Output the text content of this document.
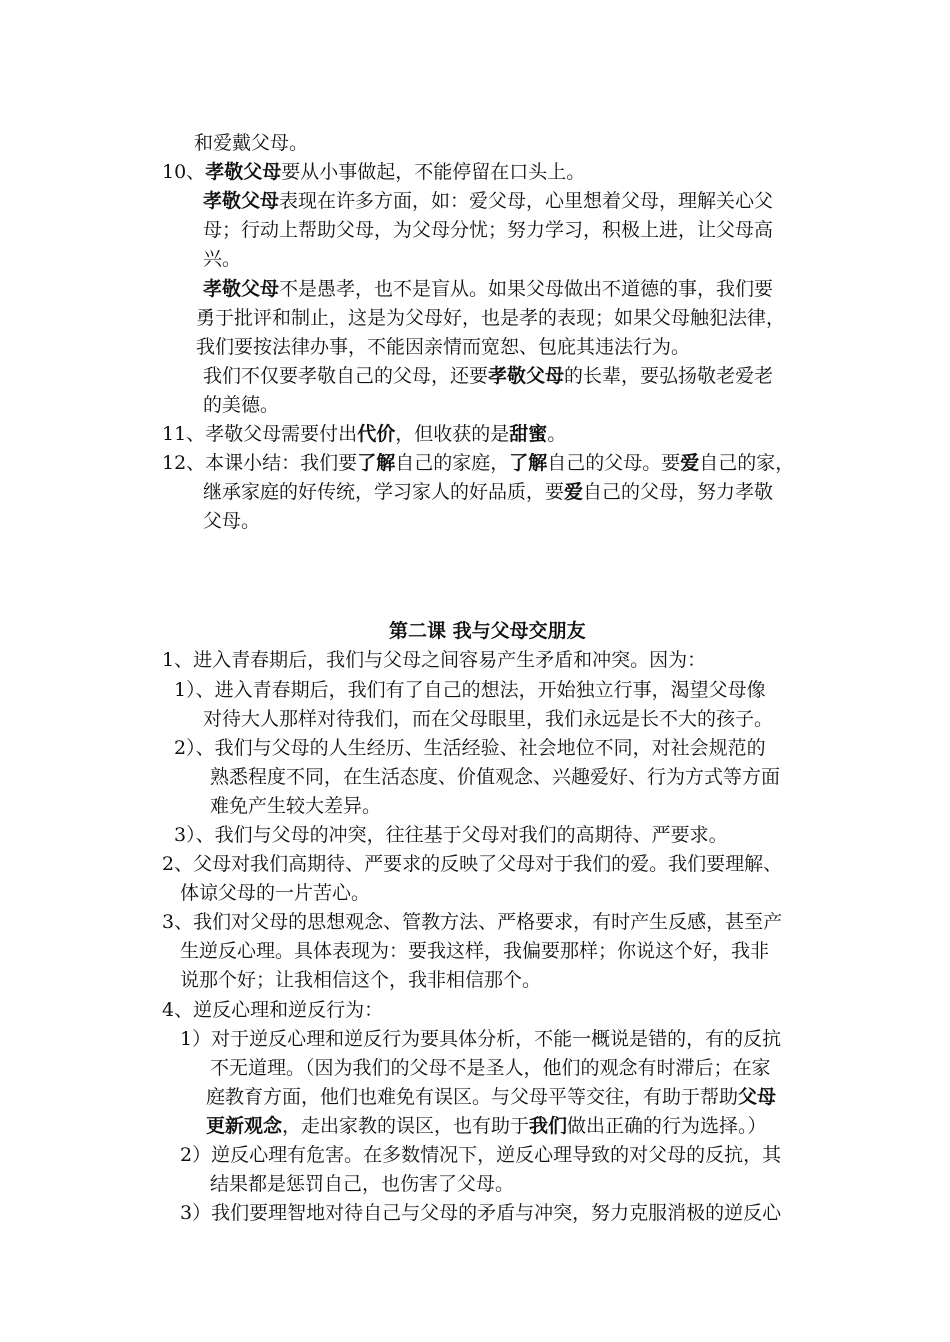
和爱戴父母。
10、孝敬父母要从小事做起，不能停留在口头上。
孝敬父母表现在许多方面，如：爱父母，心里想着父母，理解关心父
母；行动上帮助父母，为父母分忧；努力学习，积极上进，让父母高
兴。
孝敬父母不是愚孝，也不是盲从。如果父母做出不道德的事，我们要
勇于批评和制止，这是为父母好，也是孝的表现；如果父母触犯法律，
我们要按法律办事，不能因亲情而宽恕、包庇其违法行为。
我们不仅要孝敬自己的父母，还要孝敬父母的长辈，要弘扬敬老爱老
的美德。
11、孝敬父母需要付出代价，但收获的是甜蜜。
12、本课小结：我们要了解自己的家庭，了解自己的父母。要爱自己的家，
继承家庭的好传统，学习家人的好品质，要爱自己的父母，努力孝敬
父母。
第二课 我与父母交朋友
1、进入青春期后，我们与父母之间容易产生矛盾和冲突。因为：
1）、进入青春期后，我们有了自己的想法，开始独立行事，渴望父母像
对待大人那样对待我们，而在父母眼里，我们永远是长不大的孩子。
2）、我们与父母的人生经历、生活经验、社会地位不同，对社会规范的
熟悉程度不同，在生活态度、价值观念、兴趣爱好、行为方式等方面
难免产生较大差异。
3）、我们与父母的冲突，往往基于父母对我们的高期待、严要求。
2、父母对我们高期待、严要求的反映了父母对于我们的爱。我们要理解、
体谅父母的一片苦心。
3、我们对父母的思想观念、管教方法、严格要求，有时产生反感，甚至产
生逆反心理。具体表现为：要我这样，我偏要那样；你说这个好，我非
说那个好；让我相信这个，我非相信那个。
4、逆反心理和逆反行为：
1）对于逆反心理和逆反行为要具体分析，不能一概说是错的，有的反抗
不无道理。（因为我们的父母不是圣人，他们的观念有时滞后；在家
庭教育方面，他们也难免有误区。与父母平等交往，有助于帮助父母
更新观念，走出家教的误区，也有助于我们做出正确的行为选择。）
2）逆反心理有危害。在多数情况下，逆反心理导致的对父母的反抗，其
结果都是惩罚自己，也伤害了父母。
3）我们要理智地对待自己与父母的矛盾与冲突，努力克服消极的逆反心
